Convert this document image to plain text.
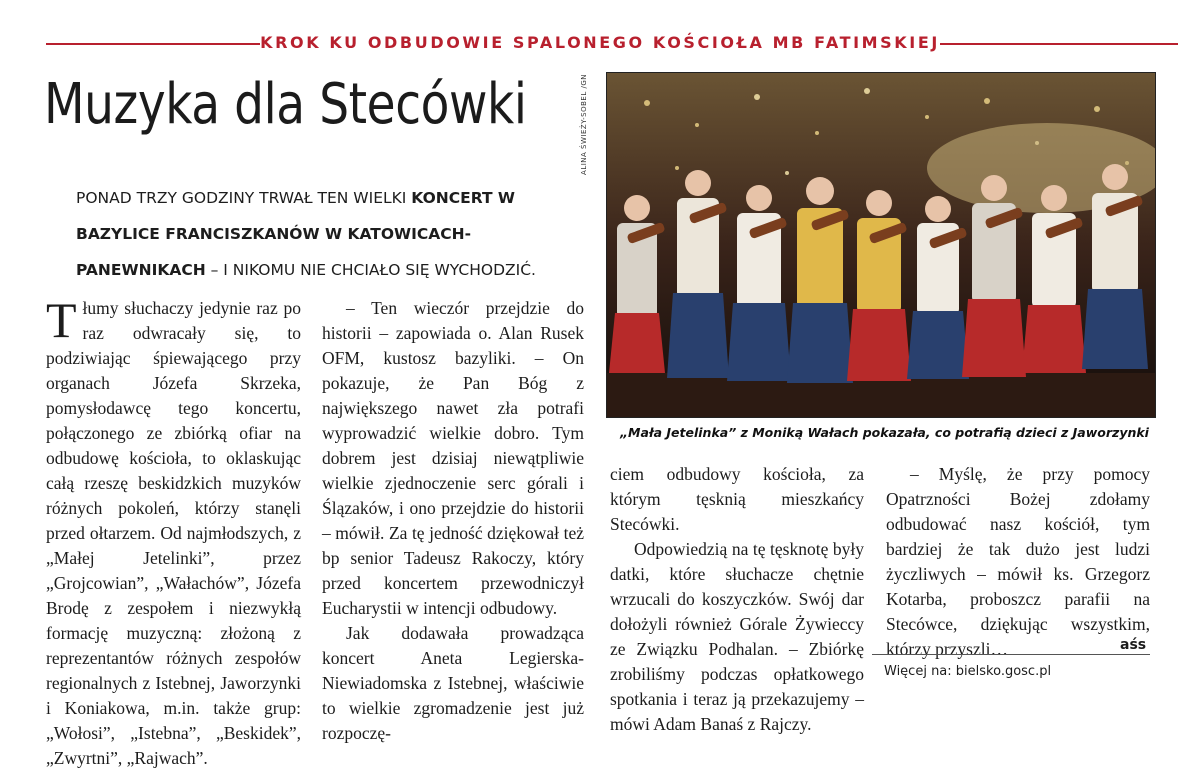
KROK KU ODBUDOWIE SPALONEGO KOŚCIOŁA MB FATIMSKIEJ
Muzyka dla Stecówki

PONAD TRZY GODZINY TRWAŁ TEN WIELKI KONCERT W BAZYLICE FRANCISZKANÓW W KATOWICACH-PANEWNIKACH – I NIKOMU NIE CHCIAŁO SIĘ WYCHODZIĆ.

ALINA ŚWIEŻY-SOBEL /GN
„Mała Jetelinka” z Moniką Wałach pokazała, co potrafią dzieci z Jaworzynki

Tłumy słuchaczy jedynie raz po raz odwracały się, to podziwiając śpiewającego przy organach Józefa Skrzeka, pomysłodawcę tego koncertu, połączonego ze zbiórką ofiar na odbudowę kościoła, to oklaskując całą rzeszę beskidzkich muzyków różnych pokoleń, którzy stanęli przed ołtarzem. Od najmłodszych, z „Małej Jetelinki”, przez „Grojcowian”, „Wałachów”, Józefa Brodę z zespołem i niezwykłą formację muzyczną: złożoną z reprezentantów różnych zespołów regionalnych z Istebnej, Jaworzynki i Koniakowa, m.in. także grup: „Wołosi”, „Istebna”, „Beskidek”, „Zwyrtni”, „Rajwach”.

– Ten wieczór przejdzie do historii – zapowiada o. Alan Rusek OFM, kustosz bazyliki. – On pokazuje, że Pan Bóg z największego nawet zła potrafi wyprowadzić wielkie dobro. Tym dobrem jest dzisiaj niewątpliwie wielkie zjednoczenie serc górali i Ślązaków, i ono przejdzie do historii – mówił. Za tę jedność dziękował też bp senior Tadeusz Rakoczy, który przed koncertem przewodniczył Eucharystii w intencji odbudowy.

Jak dodawała prowadząca koncert Aneta Legierska-Niewiadomska z Istebnej, właściwie to wielkie zgromadzenie jest już rozpoczę-

ciem odbudowy kościoła, za którym tęsknią mieszkańcy Stecówki.

Odpowiedzią na tę tęsknotę były datki, które słuchacze chętnie wrzucali do koszyczków. Swój dar dołożyli również Górale Żywieccy ze Związku Podhalan. – Zbiórkę zrobiliśmy podczas opłatkowego spotkania i teraz ją przekazujemy – mówi Adam Banaś z Rajczy.

– Myślę, że przy pomocy Opatrzności Bożej zdołamy odbudować nasz kościół, tym bardziej że tak dużo jest ludzi życzliwych – mówił ks. Grzegorz Kotarba, proboszcz parafii na Stecówce, dziękując wszystkim, którzy przyszli…	aśs
Więcej na: bielsko.gosc.pl
